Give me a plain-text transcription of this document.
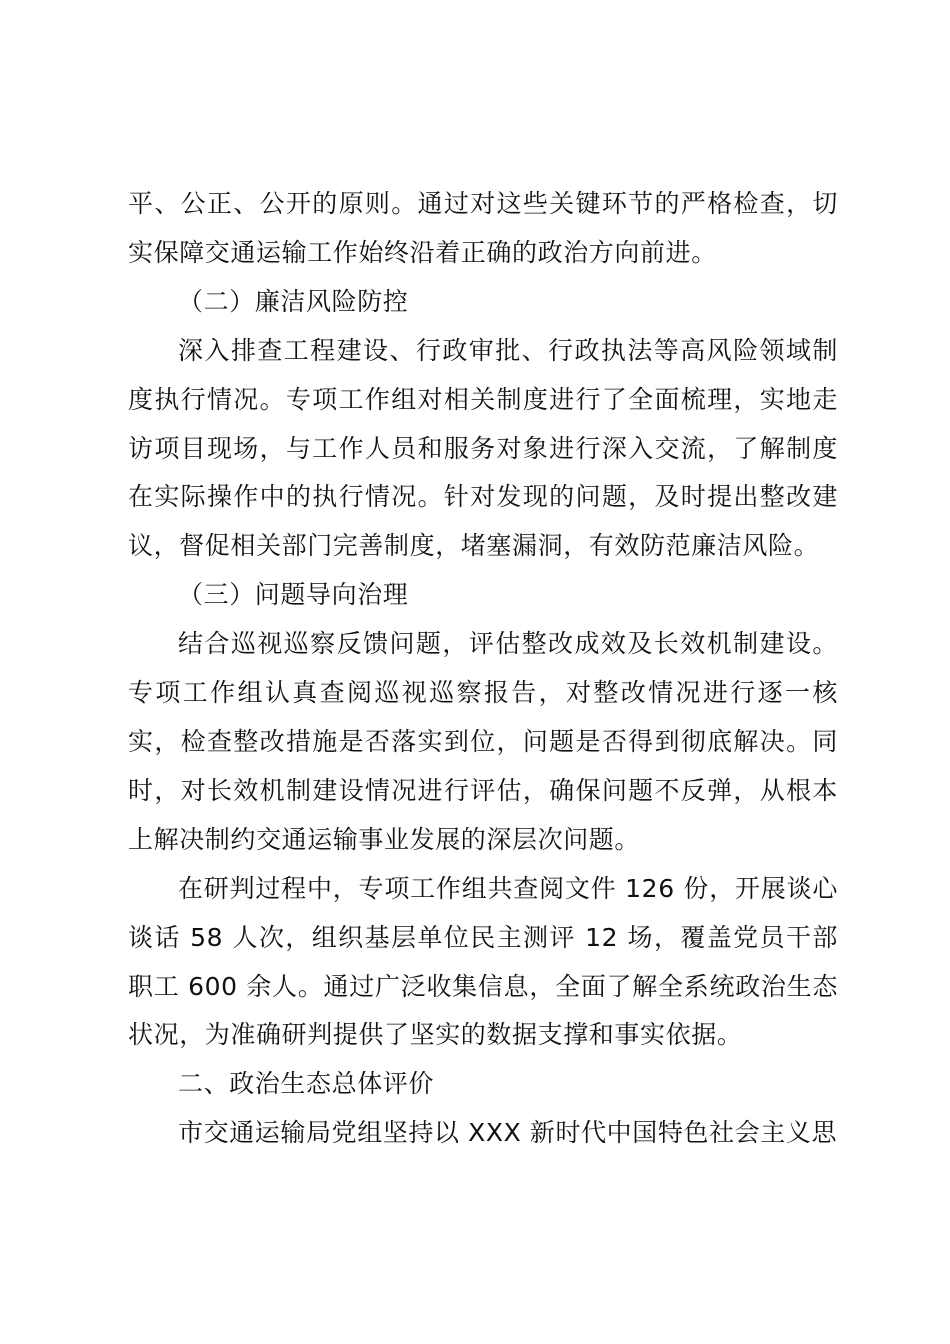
平、公正、公开的原则。通过对这些关键环节的严格检查，切实保障交通运输工作始终沿着正确的政治方向前进。

（二）廉洁风险防控

深入排查工程建设、行政审批、行政执法等高风险领域制度执行情况。专项工作组对相关制度进行了全面梳理，实地走访项目现场，与工作人员和服务对象进行深入交流，了解制度在实际操作中的执行情况。针对发现的问题，及时提出整改建议，督促相关部门完善制度，堵塞漏洞，有效防范廉洁风险。

（三）问题导向治理

结合巡视巡察反馈问题，评估整改成效及长效机制建设。专项工作组认真查阅巡视巡察报告，对整改情况进行逐一核实，检查整改措施是否落实到位，问题是否得到彻底解决。同时，对长效机制建设情况进行评估，确保问题不反弹，从根本上解决制约交通运输事业发展的深层次问题。

在研判过程中，专项工作组共查阅文件 126 份，开展谈心谈话 58 人次，组织基层单位民主测评 12 场，覆盖党员干部职工 600 余人。通过广泛收集信息，全面了解全系统政治生态状况，为准确研判提供了坚实的数据支撑和事实依据。

二、政治生态总体评价

市交通运输局党组坚持以 XXX 新时代中国特色社会主义思
